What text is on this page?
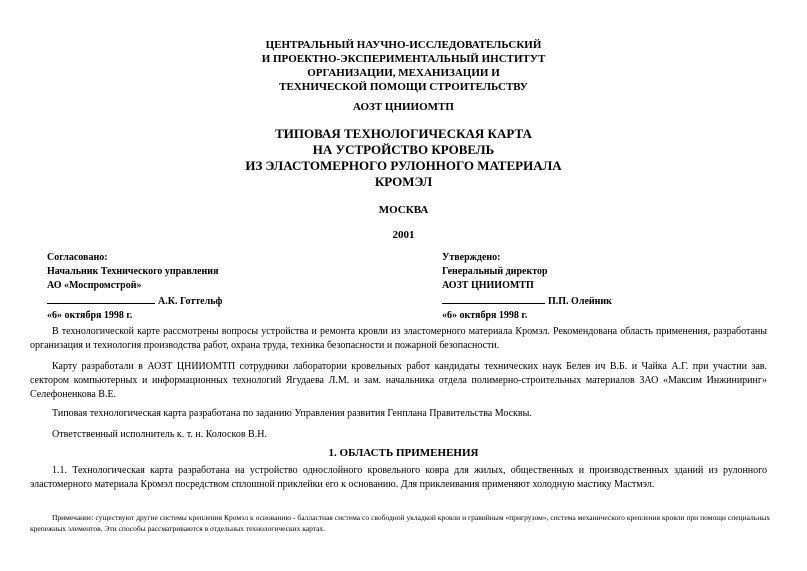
ЦЕНТРАЛЬНЫЙ НАУЧНО-ИССЛЕДОВАТЕЛЬСКИЙ
И ПРОЕКТНО-ЭКСПЕРИМЕНТАЛЬНЫЙ ИНСТИТУТ
ОРГАНИЗАЦИИ, МЕХАНИЗАЦИИ И
ТЕХНИЧЕСКОЙ ПОМОЩИ СТРОИТЕЛЬСТВУ
АОЗТ ЦНИИОМТП
ТИПОВАЯ ТЕХНОЛОГИЧЕСКАЯ КАРТА
НА УСТРОЙСТВО КРОВЕЛЬ
ИЗ ЭЛАСТОМЕРНОГО РУЛОННОГО МАТЕРИАЛА
КРОМЭЛ
МОСКВА
2001
Согласовано:
Начальник Технического управления
АО «Моспромстрой»
А.К. Готтельф
«6» октября 1998 г.
Утверждено:
Генеральный директор
АОЗТ ЦНИИОМТП
П.П. Олейник
«6» октября 1998 г.
В технологической карте рассмотрены вопросы устройства и ремонта кровли из эластомерного материала Кромэл. Рекомендована область применения, разработаны организация и технология производства работ, охрана труда, техника безопасности и пожарной безопасности.
Карту разработали в АОЗТ ЦНИИОМТП сотрудники лаборатории кровельных работ кандидаты технических наук Белев ич В.Б. и Чайка А.Г. при участии зав. сектором компьютерных и информационных технологий Ягудаева Л.М. и зам. начальника отдела полимерно-строительных материалов ЗАО «Максим Инжиниринг» Селефоненкова В.Е.
Типовая технологическая карта разработана по заданию Управления развития Генплана Правительства Москвы.
Ответственный исполнитель к. т. н. Колосков В.Н.
1. ОБЛАСТЬ ПРИМЕНЕНИЯ
1.1. Технологическая карта разработана на устройство однослойного кровельного ковра для жилых, общественных и производственных зданий из рулонного эластомерного материала Кромэл посредством сплошной приклейки его к основанию. Для приклеивания применяют холодную мастику Мастмэл.
Примечание: существуют другие системы крепления Кромэл к основанию - балластная система со свободной укладкой кровли и гравийным «пригрузом», система механического крепления кровли при помощи специальных крепежных элементов. Эти способы рассматриваются в отдельных технологических картах.
